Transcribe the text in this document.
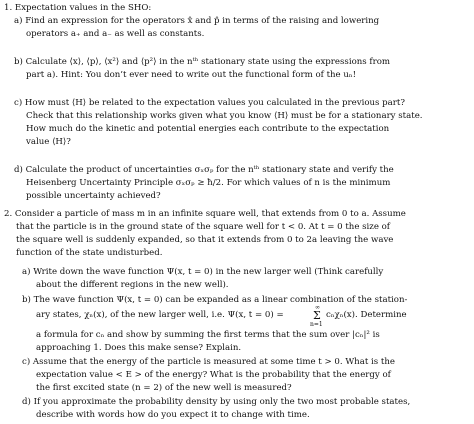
1. Expectation values in the SHO:
a) Find an expression for the operators x̂ and p̂ in terms of the raising and lowering
operators a₊ and a₋ as well as constants.
b) Calculate ⟨x⟩, ⟨p⟩, ⟨x²⟩ and ⟨p²⟩ in the nᵗʰ stationary state using the expressions from
part a). Hint: You don’t ever need to write out the functional form of the uₙ!
c) How must ⟨H⟩ be related to the expectation values you calculated in the previous part?
Check that this relationship works given what you know ⟨H⟩ must be for a stationary state.
How much do the kinetic and potential energies each contribute to the expectation
value ⟨H⟩?
d) Calculate the product of uncertainties σₓσₚ for the nᵗʰ stationary state and verify the
Heisenberg Uncertainty Principle σₓσₚ ≥ ħ/2. For which values of n is the minimum
possible uncertainty achieved?
2. Consider a particle of mass m in an infinite square well, that extends from 0 to a. Assume
that the particle is in the ground state of the square well for t < 0. At t = 0 the size of
the square well is suddenly expanded, so that it extends from 0 to 2a leaving the wave
function of the state undisturbed.
a) Write down the wave function Ψ(x, t = 0) in the new larger well (Think carefully
about the different regions in the new well).
b) The wave function Ψ(x, t = 0) can be expanded as a linear combination of the station-
ary states, χₙ(x), of the new larger well, i.e. Ψ(x, t = 0) =
∞
Σ
n=1
cₙχₙ(x). Determine
a formula for cₙ and show by summing the first terms that the sum over |cₙ|² is
approaching 1. Does this make sense? Explain.
c) Assume that the energy of the particle is measured at some time t > 0. What is the
expectation value < E > of the energy? What is the probability that the energy of
the first excited state (n = 2) of the new well is measured?
d) If you approximate the probability density by using only the two most probable states,
describe with words how do you expect it to change with time.
